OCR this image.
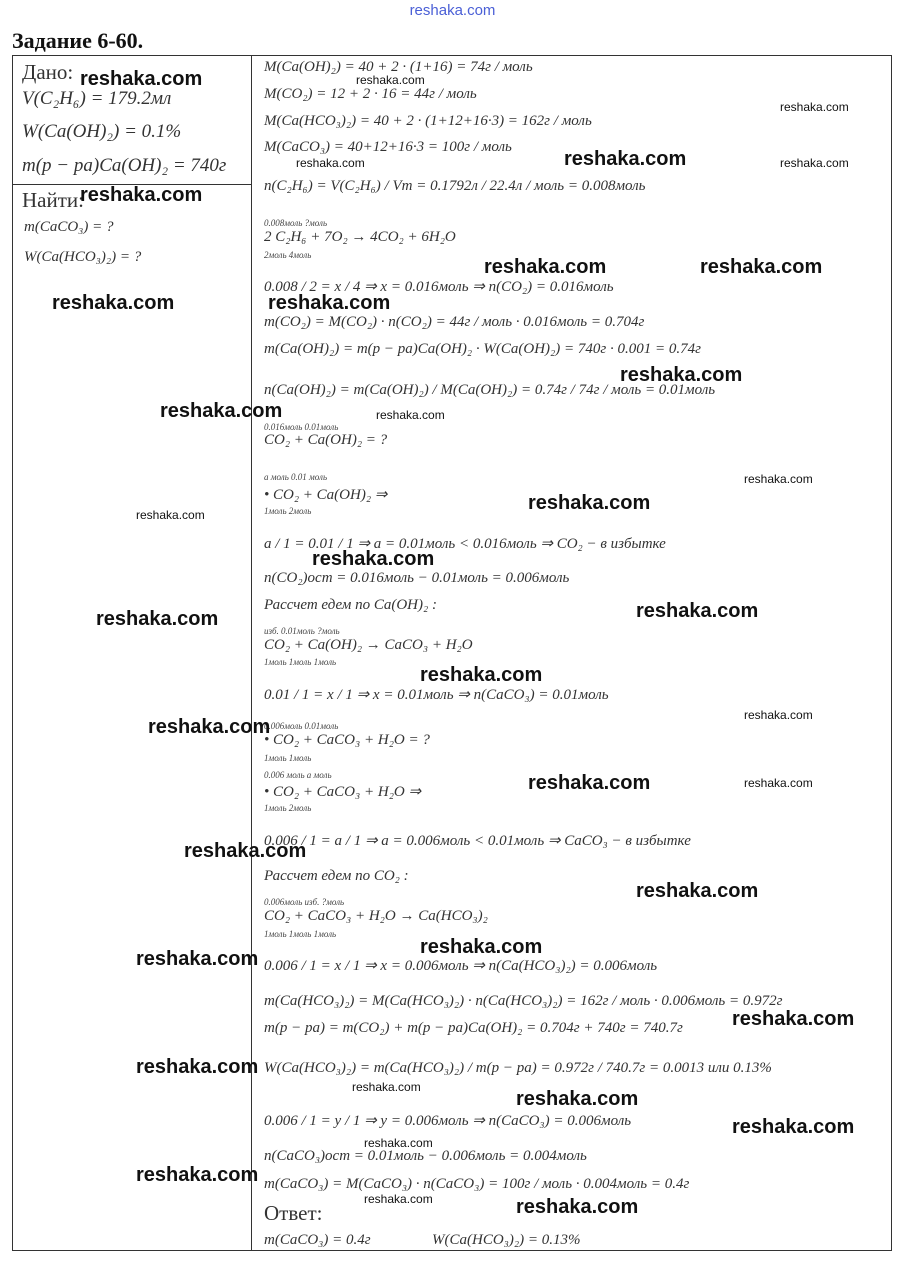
reshaka.com
Задание 6-60.
Дано:
V(C₂H₆) = 179.2мл
W(Ca(OH)₂) = 0.1%
m(p − pa)Ca(OH)₂ = 740г
Найти:
m(CaCO₃) = ?
W(Ca(HCO₃)₂) = ?
M(Ca(OH)₂) = 40 + 2 · (1+16) = 74г / моль
M(CO₂) = 12 + 2 · 16 = 44г / моль
M(Ca(HCO₃)₂) = 40 + 2 · (1+12+16·3) = 162г / моль
M(CaCO₃) = 40+12+16·3 = 100г / моль
n(C₂H₆) = V(C₂H₆) / Vm = 0.1792л / 22.4л / моль = 0.008моль
0.008моль ?моль
2 C₂H₆ + 7O₂ → 4CO₂ + 6H₂O
2моль 4моль
0.008 / 2 = x / 4 ⇒ x = 0.016моль ⇒ n(CO₂) = 0.016моль
m(CO₂) = M(CO₂) · n(CO₂) = 44г / моль · 0.016моль = 0.704г
m(Ca(OH)₂) = m(p − pa)Ca(OH)₂ · W(Ca(OH)₂) = 740г · 0.001 = 0.74г
n(Ca(OH)₂) = m(Ca(OH)₂) / M(Ca(OH)₂) = 0.74г / 74г / моль = 0.01моль
0.016моль 0.01моль
CO₂ + Ca(OH)₂ = ?
а моль 0.01 моль
• CO₂ + Ca(OH)₂ ⇒
1моль 2моль
a / 1 = 0.01 / 1 ⇒ a = 0.01моль < 0.016моль ⇒ CO₂ − в избытке
n(CO₂)ост = 0.016моль − 0.01моль = 0.006моль
Рассчет едем по Ca(OH)₂ :
изб. 0.01моль ?моль
CO₂ + Ca(OH)₂ → CaCO₃ + H₂O
1моль 1моль 1моль
0.01 / 1 = x / 1 ⇒ x = 0.01моль ⇒ n(CaCO₃) = 0.01моль
0.006моль 0.01моль
• CO₂ + CaCO₃ + H₂O = ?
1моль 1моль
0.006 моль а моль
• CO₂ + CaCO₃ + H₂O ⇒
1моль 2моль
0.006 / 1 = a / 1 ⇒ a = 0.006моль < 0.01моль ⇒ CaCO₃ − в избытке
Рассчет едем по CO₂ :
0.006моль изб. ?моль
CO₂ + CaCO₃ + H₂O → Ca(HCO₃)₂
1моль 1моль 1моль
0.006 / 1 = x / 1 ⇒ x = 0.006моль ⇒ n(Ca(HCO₃)₂) = 0.006моль
m(Ca(HCO₃)₂) = M(Ca(HCO₃)₂) · n(Ca(HCO₃)₂) = 162г / моль · 0.006моль = 0.972г
m(p − pa) = m(CO₂) + m(p − pa)Ca(OH)₂ = 0.704г + 740г = 740.7г
W(Ca(HCO₃)₂) = m(Ca(HCO₃)₂) / m(p − pa) = 0.972г / 740.7г = 0.0013 или 0.13%
0.006 / 1 = y / 1 ⇒ y = 0.006моль ⇒ n(CaCO₃) = 0.006моль
n(CaCO₃)ост = 0.01моль − 0.006моль = 0.004моль
m(CaCO₃) = M(CaCO₃) · n(CaCO₃) = 100г / моль · 0.004моль = 0.4г
Ответ:
m(CaCO₃) = 0.4г	W(Ca(HCO₃)₂) = 0.13%
reshaka.com	reshaka.com
reshaka.com
reshaka.com	reshaka.com	reshaka.com
reshaka.com
reshaka.com	reshaka.com
reshaka.com	reshaka.com
reshaka.com
reshaka.com	reshaka.com
reshaka.com
reshaka.com
reshaka.com
reshaka.com
reshaka.com
reshaka.com
reshaka.com
reshaka.com
reshaka.com
reshaka.com	reshaka.com
reshaka.com
reshaka.com
reshaka.com
reshaka.com
reshaka.com
reshaka.com
reshaka.com
reshaka.com
reshaka.com
reshaka.com
reshaka.com
reshaka.com	reshaka.com
